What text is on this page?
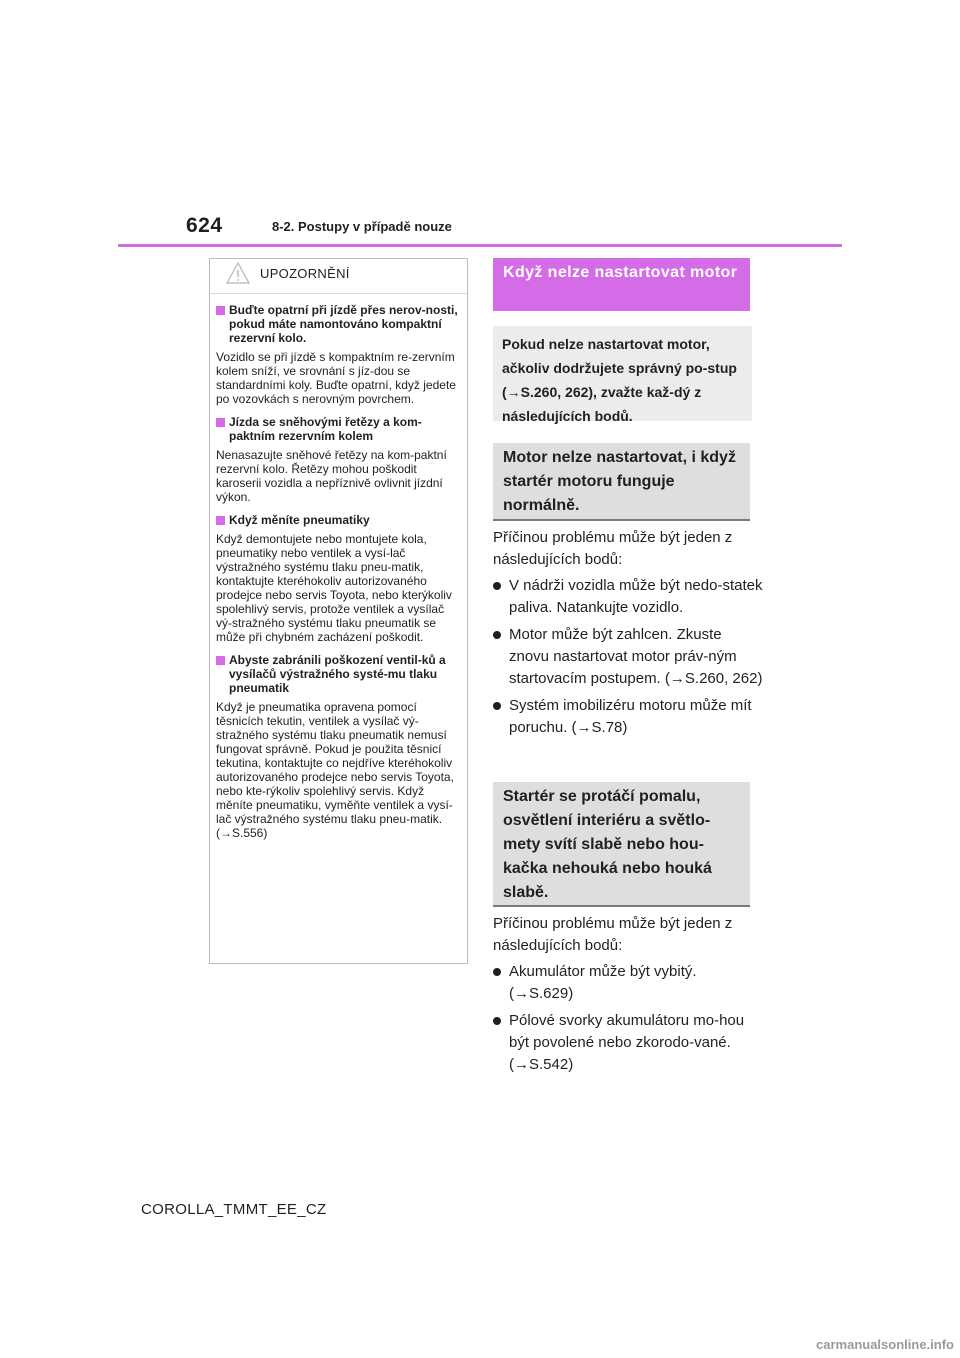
624	8-2. Postupy v případě nouze
UPOZORNĚNÍ
Buďte opatrní při jízdě přes nerov-nosti, pokud máte namontováno kompaktní rezervní kolo.
Vozidlo se při jízdě s kompaktním re-zervním kolem sníží, ve srovnání s jíz-dou se standardními koly. Buďte opatrní, když jedete po vozovkách s nerovným povrchem.
Jízda se sněhovými řetězy a kom-paktním rezervním kolem
Nenasazujte sněhové řetězy na kom-paktní rezervní kolo. Řetězy mohou poškodit karoserii vozidla a nepříznivě ovlivnit jízdní výkon.
Když měníte pneumatiky
Když demontujete nebo montujete kola, pneumatiky nebo ventilek a vysí-lač výstražného systému tlaku pneu-matik, kontaktujte kteréhokoliv autorizovaného prodejce nebo servis Toyota, nebo kterýkoliv spolehlivý servis, protože ventilek a vysílač vý-stražného systému tlaku pneumatik se může při chybném zacházení poškodit.
Abyste zabránili poškození ventil-ků a vysílačů výstražného systé-mu tlaku pneumatik
Když je pneumatika opravena pomocí těsnicích tekutin, ventilek a vysílač vý-stražného systému tlaku pneumatik nemusí fungovat správně. Pokud je použita těsnicí tekutina, kontaktujte co nejdříve kteréhokoliv autorizovaného prodejce nebo servis Toyota, nebo kte-rýkoliv spolehlivý servis. Když měníte pneumatiku, vyměňte ventilek a vysí-lač výstražného systému tlaku pneu-matik. (→S.556)
Když nelze nastartovat motor
Pokud nelze nastartovat motor, ačkoliv dodržujete správný po-stup (→S.260, 262), zvažte kaž-dý z následujících bodů.
Motor nelze nastartovat, i když startér motoru funguje normálně.
Příčinou problému může být jeden z následujících bodů:
V nádrži vozidla může být nedo-statek paliva. Natankujte vozidlo.
Motor může být zahlcen. Zkuste znovu nastartovat motor práv-ným startovacím postupem. (→S.260, 262)
Systém imobilizéru motoru může mít poruchu. (→S.78)
Startér se protáčí pomalu, osvětlení interiéru a světlo-mety svítí slabě nebo hou-kačka nehouká nebo houká slabě.
Příčinou problému může být jeden z následujících bodů:
Akumulátor může být vybitý. (→S.629)
Pólové svorky akumulátoru mo-hou být povolené nebo zkorodo-vané. (→S.542)
COROLLA_TMMT_EE_CZ
carmanualsonline.info
